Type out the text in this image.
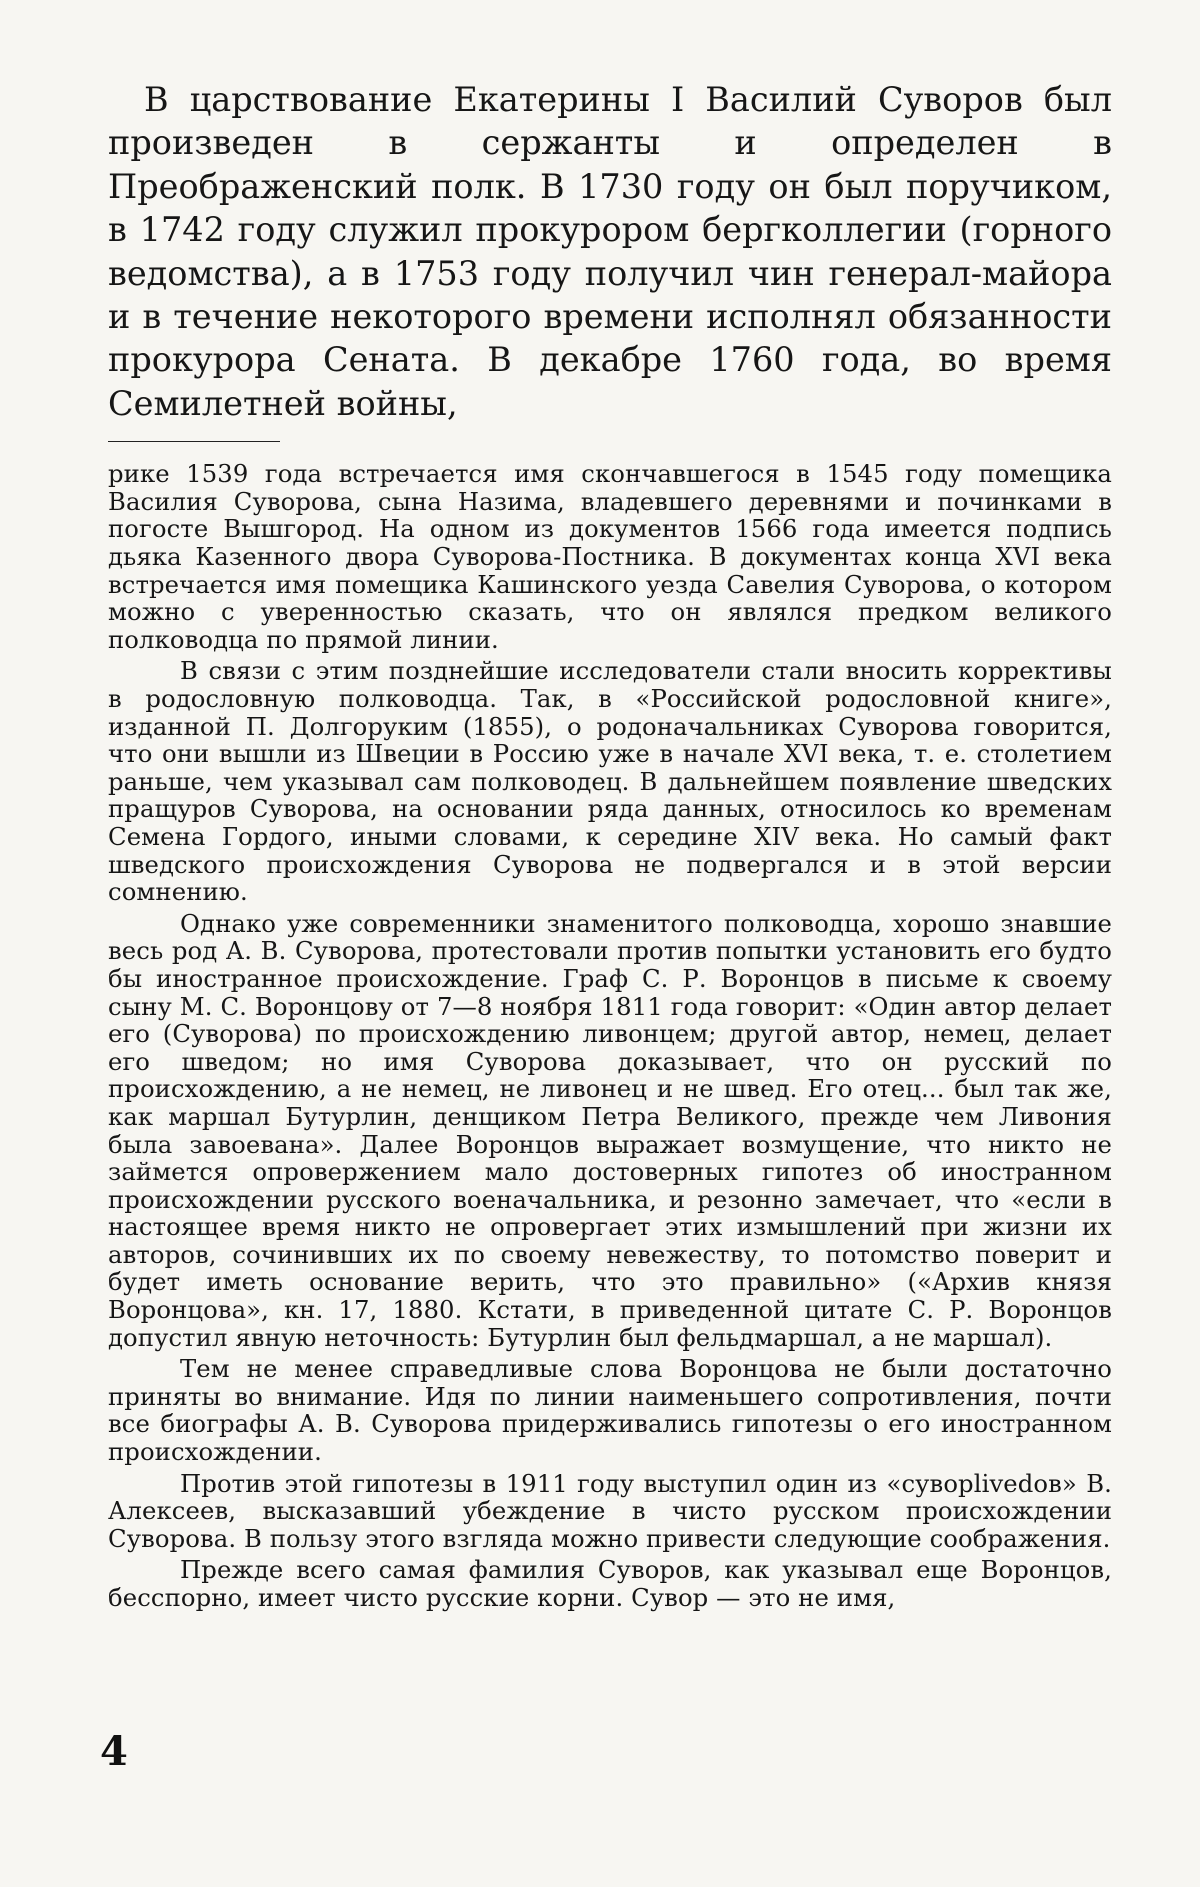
В царствование Екатерины I Василий Суворов был произведен в сержанты и определен в Преображенский полк. В 1730 году он был поручиком, в 1742 году служил прокурором бергколлегии (горного ведомства), а в 1753 году получил чин генерал-майора и в течение некоторого времени исполнял обязанности прокурора Сената. В декабре 1760 года, во время Семилетней войны,

рике 1539 года встречается имя скончавшегося в 1545 году помещика Василия Суворова, сына Назима, владевшего деревнями и починками в погосте Вышгород. На одном из документов 1566 года имеется подпись дьяка Казенного двора Суворова-Постника. В документах конца XVI века встречается имя помещика Кашинского уезда Савелия Суворова, о котором можно с уверенностью сказать, что он являлся предком великого полководца по прямой линии.

В связи с этим позднейшие исследователи стали вносить коррективы в родословную полководца. Так, в «Российской родословной книге», изданной П. Долгоруким (1855), о родоначальниках Суворова говорится, что они вышли из Швеции в Россию уже в начале XVI века, т. е. столетием раньше, чем указывал сам полководец. В дальнейшем появление шведских пращуров Суворова, на основании ряда данных, относилось ко временам Семена Гордого, иными словами, к середине XIV века. Но самый факт шведского происхождения Суворова не подвергался и в этой версии сомнению.

Однако уже современники знаменитого полководца, хорошо знавшие весь род А. В. Суворова, протестовали против попытки установить его будто бы иностранное происхождение. Граф С. Р. Воронцов в письме к своему сыну М. С. Воронцову от 7—8 ноября 1811 года говорит: «Один автор делает его (Суворова) по происхождению ливонцем; другой автор, немец, делает его шведом; но имя Суворова доказывает, что он русский по происхождению, а не немец, не ливонец и не швед. Его отец... был так же, как маршал Бутурлин, денщиком Петра Великого, прежде чем Ливония была завоевана». Далее Воронцов выражает возмущение, что никто не займется опровержением мало достоверных гипотез об иностранном происхождении русского военачальника, и резонно замечает, что «если в настоящее время никто не опровергает этих измышлений при жизни их авторов, сочинивших их по своему невежеству, то потомство поверит и будет иметь основание верить, что это правильно» («Архив князя Воронцова», кн. 17, 1880. Кстати, в приведенной цитате С. Р. Воронцов допустил явную неточность: Бутурлин был фельдмаршал, а не маршал).

Тем не менее справедливые слова Воронцова не были достаточно приняты во внимание. Идя по линии наименьшего сопротивления, почти все биографы А. В. Суворова придерживались гипотезы о его иностранном происхождении.

Против этой гипотезы в 1911 году выступил один из «суворlivedов» В. Алексеев, высказавший убеждение в чисто русском происхождении Суворова. В пользу этого взгляда можно привести следующие соображения.

Прежде всего самая фамилия Суворов, как указывал еще Воронцов, бесспорно, имеет чисто русские корни. Сувор — это не имя,

4
